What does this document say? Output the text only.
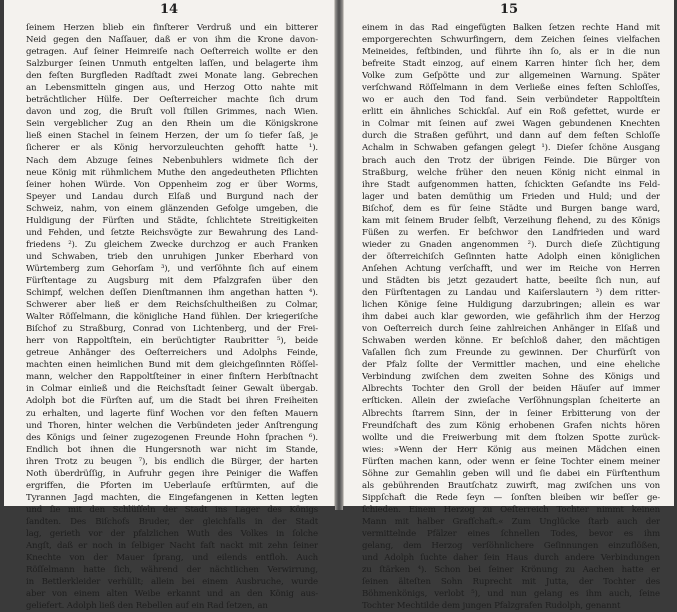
14
ſeinem Herzen blieb ein finſterer Verdruß und ein bitterer
Neid gegen den Naſſauer, daß er von ihm die Krone davon-
getragen. Auf ſeiner Heimreiſe nach Oeſterreich wollte er den
Salzburger ſeinen Unmuth entgelten laſſen, und belagerte ihm
den feſten Burgfleden Radſtadt zwei Monate lang. Gebrechen
an Lebensmitteln gingen aus, und Herzog Otto nahte mit
beträchtlicher Hülfe. Der Oeſterreicher machte ſich drum
davon und zog, die Bruſt voll ſtillen Grimmes, nach Wien.
Sein vergeblicher Zug an den Rhein um die Königskrone
ließ einen Stachel in ſeinem Herzen, der um ſo tiefer ſaß, je
ſicherer er als König hervorzuleuchten gehofft hatte ¹).
Nach dem Abzuge ſeines Nebenbuhlers widmete ſich der
neue König mit rühmlichem Muthe den angedeutheten Pflichten
ſeiner hohen Würde. Von Oppenheim zog er über Worms,
Speyer und Landau durch Elſaß und Burgund nach der
Schweiz, nahm, von einem glänzenden Gefolge umgeben, die
Huldigung der Fürſten und Städte, ſchlichtete Streitigkeiten
und Fehden, und ſetzte Reichsvögte zur Bewahrung des Land-
friedens ²). Zu gleichem Zwecke durchzog er auch Franken
und Schwaben, trieb den unruhigen Junker Eberhard von
Würtemberg zum Gehorſam ³), und verſöhnte ſich auf einem
Fürſtentage zu Augsburg mit dem Pfalzgrafen über den
Schimpf, welchen deſſen Dienſtmannen ihm angethan hatten ⁴).
Schwerer aber ließ er dem Reichsſchultheißen zu Colmar,
Walter Röſſelmann, die königliche Hand fühlen. Der kriegeriſche
Biſchof zu Straßburg, Conrad von Lichtenberg, und der Frei-
herr von Rappoltſtein, ein berüchtigter Raubritter ⁵), beide
getreue Anhänger des Oeſterreichers und Adolphs Feinde,
machten einen heimlichen Bund mit dem gleichgeſinnten Röſſel-
mann, welcher den Rappoltſteiner in einer finſtern Herbſtnacht
in Colmar einließ und die Reichsſtadt ſeiner Gewalt übergab.
Adolph bot die Fürſten auf, um die Stadt bei ihren Freiheiten
zu erhalten, und lagerte fünf Wochen vor den feſten Mauern
und Thoren, hinter welchen die Verbündeten jeder Anſtrengung
des Königs und ſeiner zugezogenen Freunde Hohn ſprachen ⁶).
Endlich bot ihnen die Hungersnoth war nicht im Stande,
ihren Trotz zu beugen ⁷), bis endlich die Bürger, der harten
Noth überdrüſſig, in Aufruhr gegen ihre Peiniger die Waffen
ergriffen, die Pforten im Ueberlauſe erſtürmten, auf die
Tyrannen Jagd machten, die Eingefangenen in Ketten legten
und ſie mit den Schlüſſeln der Stadt ins Lager des Königs
ſandten. Des Biſchofs Bruder, der gleichfalls in der Stadt
lag, gerieth vor der pfalzlichen Wuth des Volkes in ſolche
Angſt, daß er noch in ſelbiger Nacht faſt nackt mit zehn ſeiner
Knechte von der Mauer ſprang, und eilends entfloh. Auch
Röſſelmann hatte ſich, während der nächtlichen Verwirrung,
in Bettlerkleider verhüllt; allein bei einem Ausbruche, wurde
aber von einem alten Weibe erkannt und an den König aus-
geliefert. Adolph ließ den Rebellen auf ein Rad ſetzen, an
15
einem in das Rad eingefügten Balken ſetzen rechte Hand mit
emporgerechten Schwurfingern, dem Zeichen ſeines vielfachen
Meineides, feſtbinden, und führte ihn ſo, als er in die nun
befreite Stadt einzog, auf einem Karren hinter ſich her, dem
Volke zum Geſpötte und zur allgemeinen Warnung. Später
verſchwand Röſſelmann in dem Verließe eines feſten Schloſſes,
wo er auch den Tod fand. Sein verbündeter Rappoltſtein
erlitt ein ähnliches Schickſal. Auf ein Roß gefettet, wurde er
in Colmar mit ſeinen auf zwei Wagen gebundenen Knechten
durch die Straßen geführt, und dann auf dem feſten Schloſſe
Achalm in Schwaben gefangen gelegt ¹). Dieſer ſchöne Ausgang
brach auch den Trotz der übrigen Feinde. Die Bürger von
Straßburg, welche früher den neuen König nicht einmal in
ihre Stadt aufgenommen hatten, ſchickten Geſandte ins Feld-
lager und baten demüthig um Frieden und Huld; und der
Biſchof, dem es für ſeine Städte und Burgen bange ward,
kam mit ſeinem Bruder ſelbſt, Verzeihung flehend, zu des Königs
Füßen zu werfen. Er beſchwor den Landfrieden und ward
wieder zu Gnaden angenommen ²). Durch dieſe Züchtigung
der öſterreichiſch Geſinnten hatte Adolph einen königlichen
Anſehen Achtung verſchafft, und wer im Reiche von Herren
und Städten bis jetzt gezaudert hatte, beeilte ſich nun, auf
den Fürſtentagen zu Landau und Kaiſerslautern ³) dem ritter-
lichen Könige ſeine Huldigung darzubringen; allein es war
ihm dabei auch klar geworden, wie gefährlich ihm der Herzog
von Oeſterreich durch ſeine zahlreichen Anhänger in Elſaß und
Schwaben werden könne. Er beſchloß daher, den mächtigen
Vaſallen ſich zum Freunde zu gewinnen. Der Churfürſt von
der Pfalz ſollte der Vermittler machen, und eine eheliche
Verbindung zwiſchen dem zweiten Sohne des Königs und
Albrechts Tochter den Groll der beiden Häuſer auf immer
erſticken. Allein der zwieſache Verſöhnungsplan ſcheiterte an
Albrechts ſtarrem Sinn, der in ſeiner Erbitterung von der
Freundſchaft des zum König erhobenen Grafen nichts hören
wollte und die Freiwerbung mit dem ſtolzen Spotte zurück-
wies: »Wenn der Herr König aus meinen Mädchen einen
Fürſten machen kann, oder wenn er ſeine Tochter einem meiner
Söhne zur Gemahlin geben will und ſie dabei ein Fürſtenthum
als gebührenden Brautſchatz zuwirft, mag zwiſchen uns von
Sippſchaft die Rede ſeyn — ſonſten bleiben wir beſſer ge-
ſchieden. Einem Herzog zu Oeſterreich Tochter nimmt keinen
Mann mit halber Grafſchaft.« Zum Unglücke ſtarb auch der
vermittelnde Pfälzer eines ſchnellen Todes, bevor es ihm
gelang, dem Herzog verſöhnlichere Geſinnungen einzuflößen,
und Adolph ſuchte daher ſein Haus durch andere Verbindungen
zu ſtärken ⁴). Schon bei ſeiner Krönung zu Aachen hatte er
ſeinen älteſten Sohn Ruprecht mit Jutta, der Tochter des
Böhmenkönigs, verlobt ⁵), und nun gelang es ihm auch, ſeine
Tochter Mechtilde dem jungen Pfalzgrafen Rudolph, genannt
